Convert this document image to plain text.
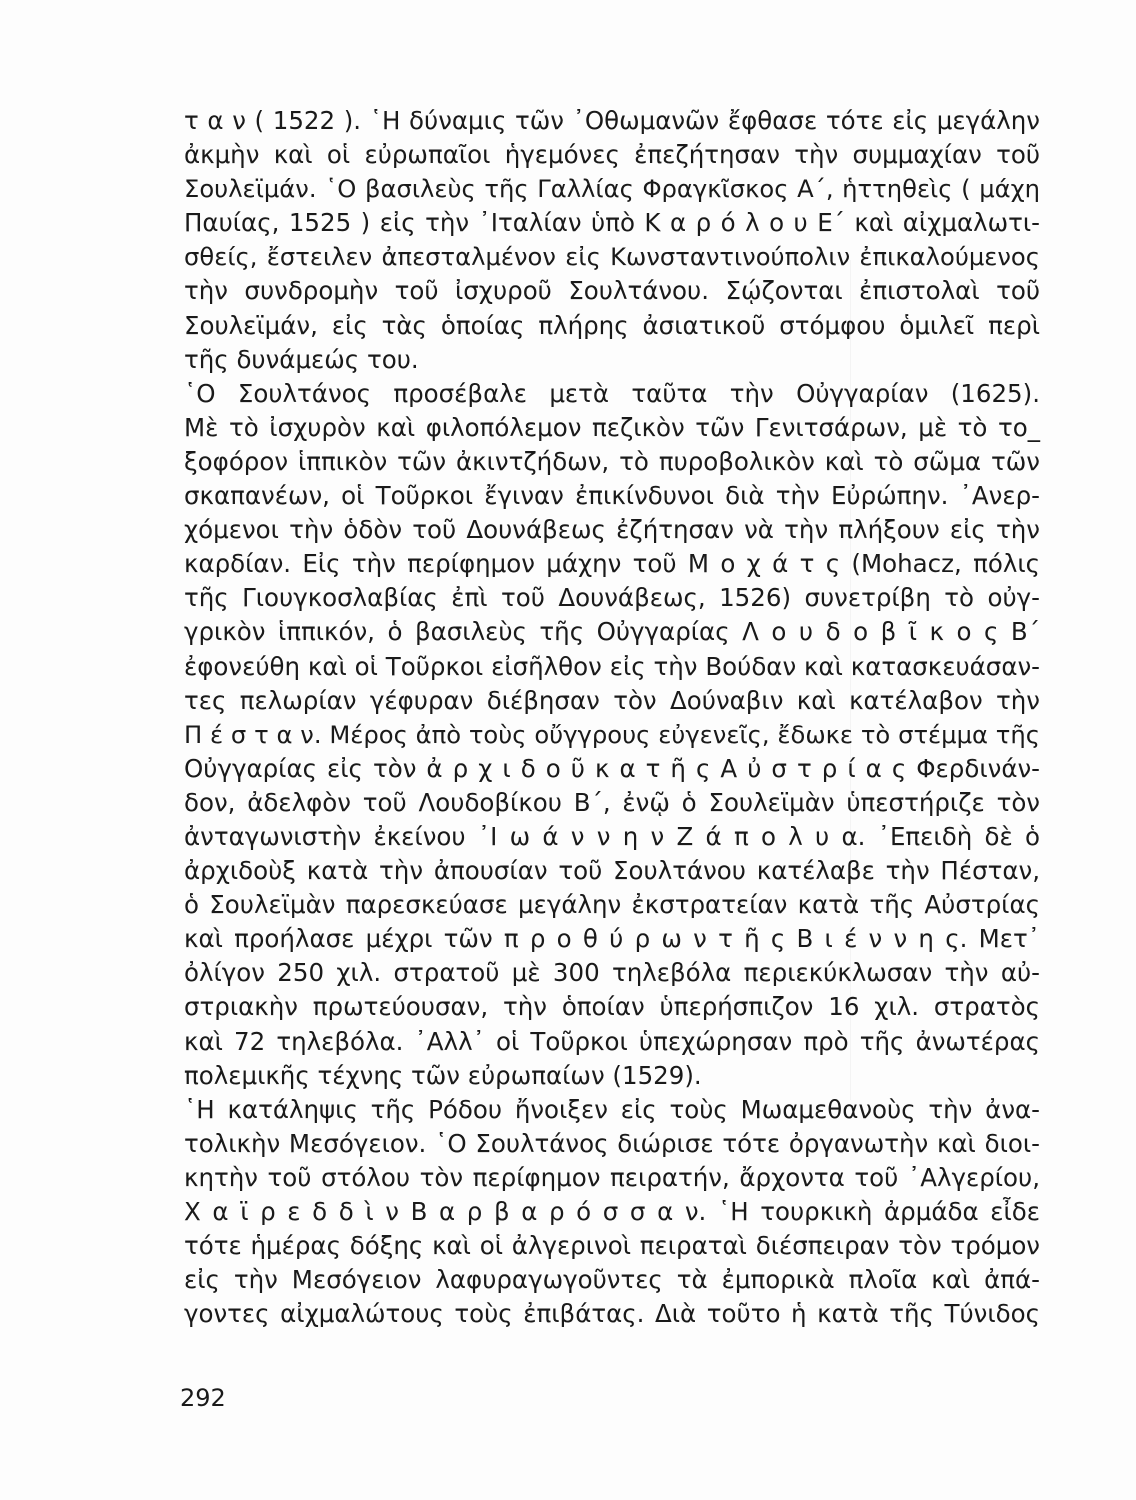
τ α ν ( 1522 ). ῾Η δύναμις τῶν ᾿Οθωμανῶν ἔφθασε τότε εἰς μεγάλην
ἀκμὴν καὶ οἱ εὐρωπαῖοι ἡγεμόνες ἐπεζήτησαν τὴν συμμαχίαν τοῦ
Σουλεϊμάν. ῾Ο βασιλεὺς τῆς Γαλλίας Φραγκῖσκος Α΄, ἡττηθεὶς ( μάχη
Παυίας, 1525 ) εἰς τὴν ᾿Ιταλίαν ὑπὸ Κ α ρ ό λ ο υ Ε΄ καὶ αἰχμαλωτι-
σθείς, ἔστειλεν ἀπεσταλμένον εἰς Κωνσταντινούπολιν ἐπικαλούμενος
τὴν συνδρομὴν τοῦ ἰσχυροῦ Σουλτάνου. Σῴζονται ἐπιστολαὶ τοῦ
Σουλεϊμάν, εἰς τὰς ὁποίας πλήρης ἀσιατικοῦ στόμφου ὁμιλεῖ περὶ
τῆς δυνάμεώς του.
῾Ο Σουλτάνος προσέβαλε μετὰ ταῦτα τὴν Οὐγγαρίαν (1625).
Μὲ τὸ ἰσχυρὸν καὶ φιλοπόλεμον πεζικὸν τῶν Γενιτσάρων, μὲ τὸ το_
ξοφόρον ἱππικὸν τῶν ἀκιντζήδων, τὸ πυροβολικὸν καὶ τὸ σῶμα τῶν
σκαπανέων, οἱ Τοῦρκοι ἔγιναν ἐπικίνδυνοι διὰ τὴν Εὐρώπην. ᾿Ανερ-
χόμενοι τὴν ὁδὸν τοῦ Δουνάβεως ἐζήτησαν νὰ τὴν πλήξουν εἰς τὴν
καρδίαν. Εἰς τὴν περίφημον μάχην τοῦ Μ ο χ ά τ ς (Mohacz, πόλις
τῆς Γιουγκοσλαβίας ἐπὶ τοῦ Δουνάβεως, 1526) συνετρίβη τὸ οὐγ-
γρικὸν ἱππικόν, ὁ βασιλεὺς τῆς Οὐγγαρίας Λ ο υ δ ο β ῖ κ ο ς Β΄
ἐφονεύθη καὶ οἱ Τοῦρκοι εἰσῆλθον εἰς τὴν Βούδαν καὶ κατασκευάσαν-
τες πελωρίαν γέφυραν διέβησαν τὸν Δούναβιν καὶ κατέλαβον τὴν
Π έ σ τ α ν. Μέρος ἀπὸ τοὺς οὔγγρους εὐγενεῖς, ἔδωκε τὸ στέμμα τῆς
Οὐγγαρίας εἰς τὸν ἀ ρ χ ι δ ο ῦ κ α τ ῆ ς Α ὐ σ τ ρ ί α ς Φερδινάν-
δον, ἀδελφὸν τοῦ Λουδοβίκου Β΄, ἐνῷ ὁ Σουλεϊμὰν ὑπεστήριζε τὸν
ἀνταγωνιστὴν ἐκείνου ᾿Ι ω ά ν ν η ν Ζ ά π ο λ υ α. ᾿Επειδὴ δὲ ὁ
ἀρχιδοὺξ κατὰ τὴν ἀπουσίαν τοῦ Σουλτάνου κατέλαβε τὴν Πέσταν,
ὁ Σουλεϊμὰν παρεσκεύασε μεγάλην ἐκστρατείαν κατὰ τῆς Αὐστρίας
καὶ προήλασε μέχρι τῶν π ρ ο θ ύ ρ ω ν τ ῆ ς Β ι έ ν ν η ς. Μετ᾿
ὀλίγον 250 χιλ. στρατοῦ μὲ 300 τηλεβόλα περιεκύκλωσαν τὴν αὐ-
στριακὴν πρωτεύουσαν, τὴν ὁποίαν ὑπερήσπιζον 16 χιλ. στρατὸς
καὶ 72 τηλεβόλα. ᾿Αλλ᾿ οἱ Τοῦρκοι ὑπεχώρησαν πρὸ τῆς ἀνωτέρας
πολεμικῆς τέχνης τῶν εὐρωπαίων (1529).
῾Η κατάληψις τῆς Ρόδου ἤνοιξεν εἰς τοὺς Μωαμεθανοὺς τὴν ἀνα-
τολικὴν Μεσόγειον. ῾Ο Σουλτάνος διώρισε τότε ὀργανωτὴν καὶ διοι-
κητὴν τοῦ στόλου τὸν περίφημον πειρατήν, ἄρχοντα τοῦ ᾿Αλγερίου,
Χ α ϊ ρ ε δ δ ὶ ν Β α ρ β α ρ ό σ σ α ν. ῾Η τουρκικὴ ἀρμάδα εἶδε
τότε ἡμέρας δόξης καὶ οἱ ἀλγερινοὶ πειραταὶ διέσπειραν τὸν τρόμον
εἰς τὴν Μεσόγειον λαφυραγωγοῦντες τὰ ἐμπορικὰ πλοῖα καὶ ἀπά-
γοντες αἰχμαλώτους τοὺς ἐπιβάτας. Διὰ τοῦτο ἡ κατὰ τῆς Τύνιδος
292
